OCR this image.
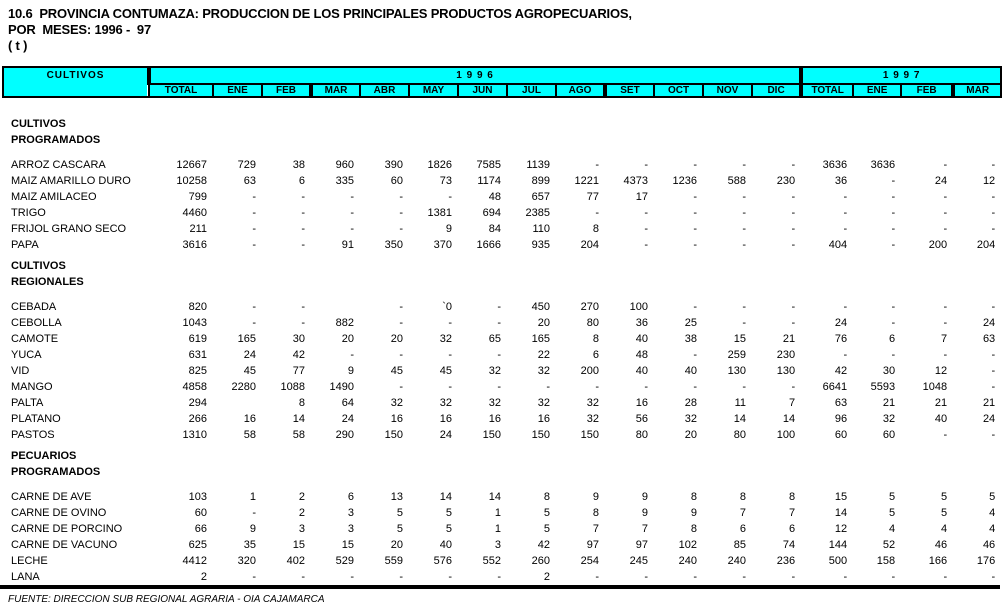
10.6  PROVINCIA CONTUMAZA: PRODUCCION DE LOS PRINCIPALES PRODUCTOS AGROPECUARIOS,
POR  MESES: 1996 -  97
( t )
CULTIVOS	1 9 9 6													1 9 9 7			
	TOTAL	ENE	FEB	MAR	ABR	MAY	JUN	JUL	AGO	SET	OCT	NOV	DIC	TOTAL	ENE	FEB	MAR

CULTIVOS																	
PROGRAMADOS																	

ARROZ CASCARA	12667	729	38	960	390	1826	7585	1139	-	-	-	-	-	3636	3636	-	-
MAIZ AMARILLO DURO	10258	63	6	335	60	73	1174	899	1221	4373	1236	588	230	36	-	24	12
MAIZ AMILACEO	799	-	-	-	-	-	48	657	77	17	-	-	-	-	-	-	-
TRIGO	4460	-	-	-	-	1381	694	2385	-	-	-	-	-	-	-	-	-
FRIJOL GRANO SECO	211	-	-	-	-	9	84	110	8	-	-	-	-	-	-	-	-
PAPA	3616	-	-	91	350	370	1666	935	204	-	-	-	-	404	-	200	204

CULTIVOS																	
REGIONALES																	

CEBADA	820	-	-		-	`0	-	450	270	100	-	-	-	-	-	-	-
CEBOLLA	1043	-	-	882	-	-	-	20	80	36	25	-	-	24	-	-	24
CAMOTE	619	165	30	20	20	32	65	165	8	40	38	15	21	76	6	7	63
YUCA	631	24	42	-	-	-	-	22	6	48	-	259	230	-	-	-	-
VID	825	45	77	9	45	45	32	32	200	40	40	130	130	42	30	12	-
MANGO	4858	2280	1088	1490	-	-	-	-	-	-	-	-	-	6641	5593	1048	-
PALTA	294		8	64	32	32	32	32	32	16	28	11	7	63	21	21	21
PLATANO	266	16	14	24	16	16	16	16	32	56	32	14	14	96	32	40	24
PASTOS	1310	58	58	290	150	24	150	150	150	80	20	80	100	60	60	-	-

PECUARIOS																	
PROGRAMADOS																	

CARNE DE AVE	103	1	2	6	13	14	14	8	9	9	8	8	8	15	5	5	5
CARNE DE OVINO	60	-	2	3	5	5	1	5	8	9	9	7	7	14	5	5	4
CARNE DE PORCINO	66	9	3	3	5	5	1	5	7	7	8	6	6	12	4	4	4
CARNE DE VACUNO	625	35	15	15	20	40	3	42	97	97	102	85	74	144	52	46	46
LECHE	4412	320	402	529	559	576	552	260	254	245	240	240	236	500	158	166	176
LANA	2	-	-	-	-	-	-	2	-	-	-	-	-	-	-	-	-
FUENTE: DIRECCION SUB REGIONAL AGRARIA - OIA CAJAMARCA
